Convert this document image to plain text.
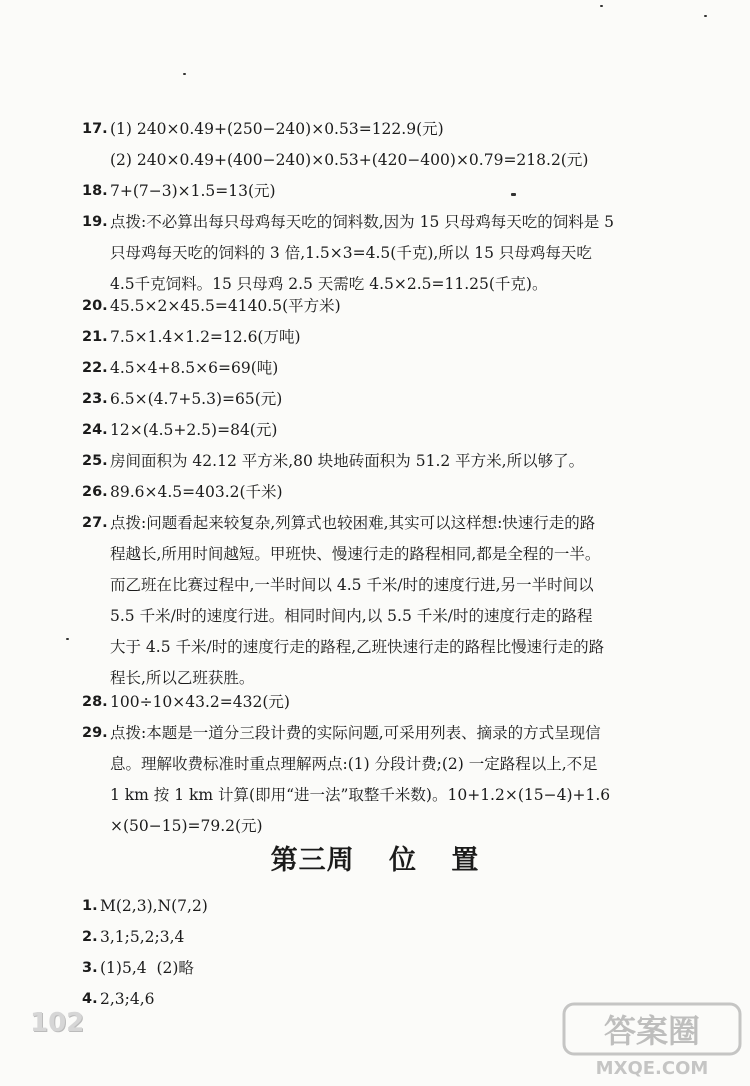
17. (1) 240×0.49+(250−240)×0.53=122.9(元)
(2) 240×0.49+(400−240)×0.53+(420−400)×0.79=218.2(元)
18. 7+(7−3)×1.5=13(元)
19. 点拨:不必算出每只母鸡每天吃的饲料数,因为 15 只母鸡每天吃的饲料是 5
只母鸡每天吃的饲料的 3 倍,1.5×3=4.5(千克),所以 15 只母鸡每天吃
4.5千克饲料。15 只母鸡 2.5 天需吃 4.5×2.5=11.25(千克)。
20. 45.5×2×45.5=4140.5(平方米)
21. 7.5×1.4×1.2=12.6(万吨)
22. 4.5×4+8.5×6=69(吨)
23. 6.5×(4.7+5.3)=65(元)
24. 12×(4.5+2.5)=84(元)
25. 房间面积为 42.12 平方米,80 块地砖面积为 51.2 平方米,所以够了。
26. 89.6×4.5=403.2(千米)
27. 点拨:问题看起来较复杂,列算式也较困难,其实可以这样想:快速行走的路
程越长,所用时间越短。甲班快、慢速行走的路程相同,都是全程的一半。
而乙班在比赛过程中,一半时间以 4.5 千米/时的速度行进,另一半时间以
5.5 千米/时的速度行进。相同时间内,以 5.5 千米/时的速度行走的路程
大于 4.5 千米/时的速度行走的路程,乙班快速行走的路程比慢速行走的路
程长,所以乙班获胜。
28. 100÷10×43.2=432(元)
29. 点拨:本题是一道分三段计费的实际问题,可采用列表、摘录的方式呈现信
息。理解收费标准时重点理解两点:(1) 分段计费;(2) 一定路程以上,不足
1 km 按 1 km 计算(即用“进一法”取整千米数)。10+1.2×(15−4)+1.6
×(50−15)=79.2(元)
第三周 位 置
1. M(2,3),N(7,2)
2. 3,1;5,2;3,4
3. (1)5,4  (2)略
4. 2,3;4,6
102	答案圈
MXQE.COM
